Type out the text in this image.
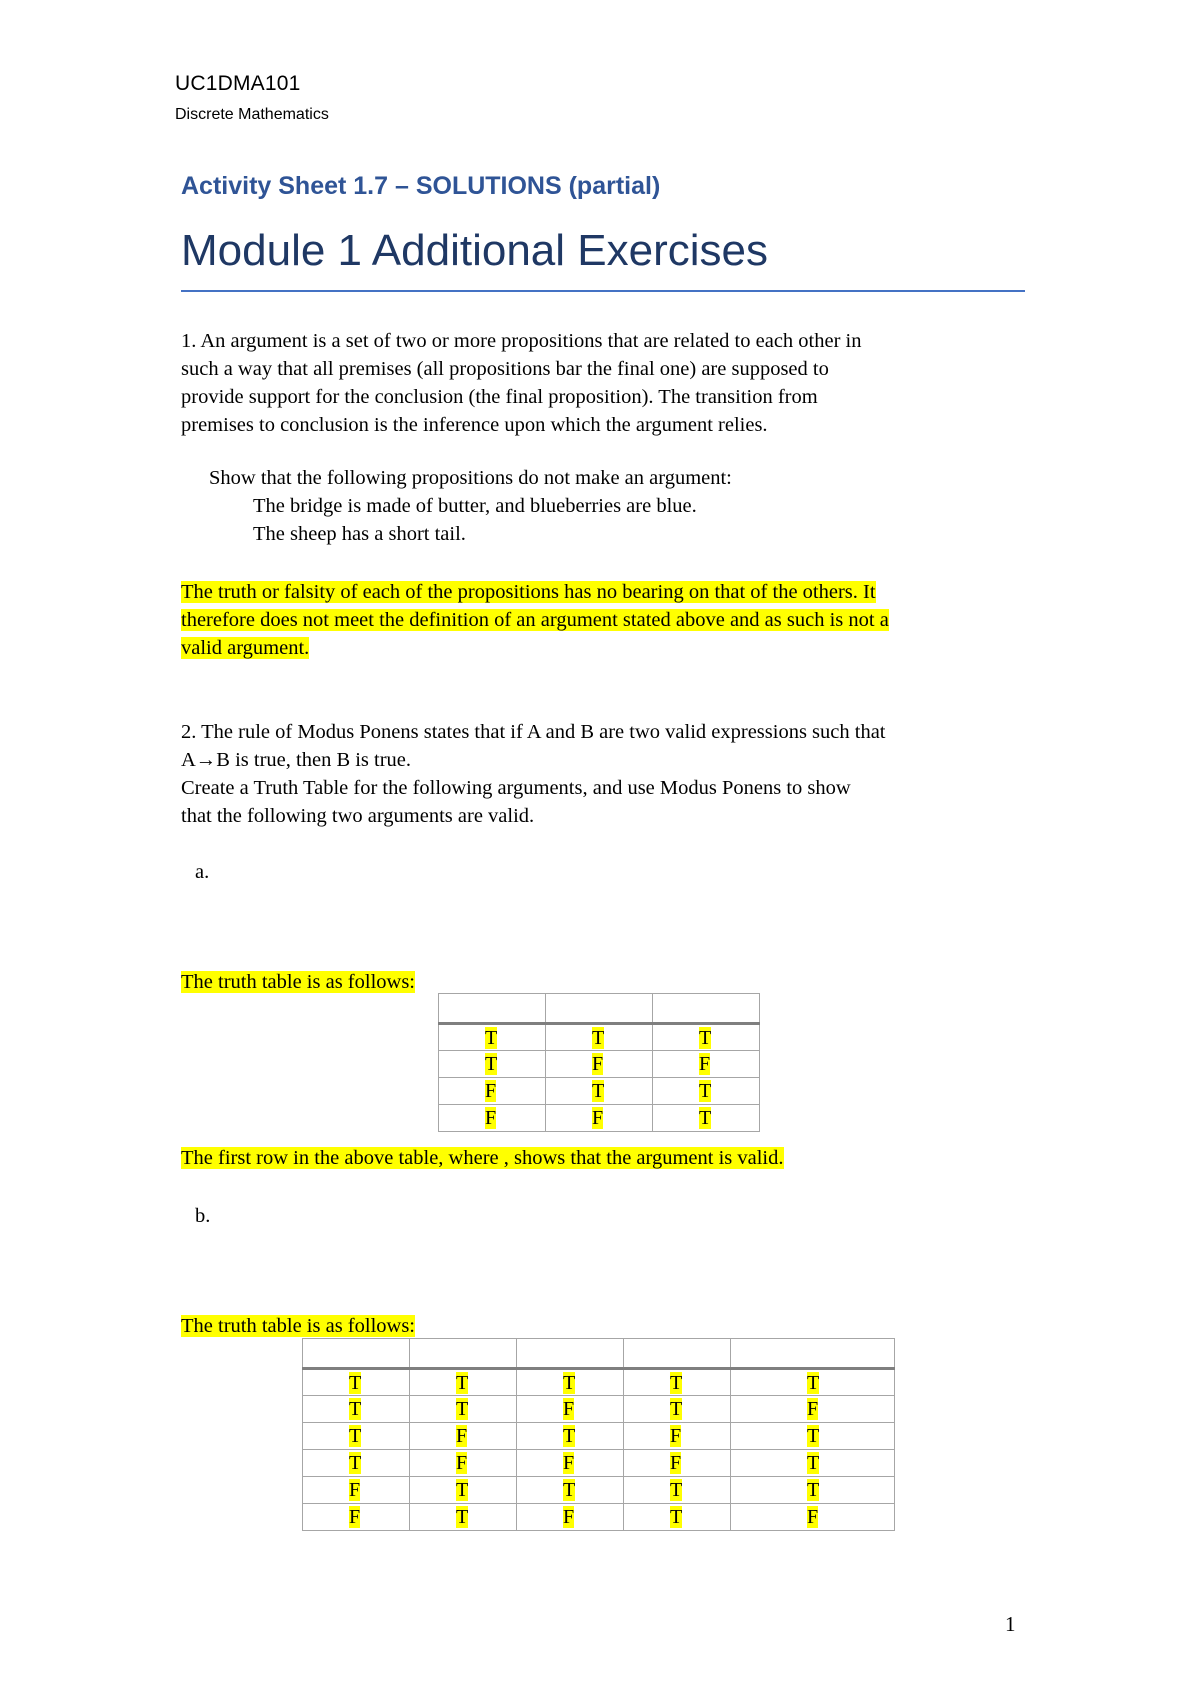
UC1DMA101
Discrete Mathematics
Activity Sheet 1.7 – SOLUTIONS (partial)
Module 1 Additional Exercises
1. An argument is a set of two or more propositions that are related to each other in
such a way that all premises (all propositions bar the final one) are supposed to
provide support for the conclusion (the final proposition). The transition from
premises to conclusion is the inference upon which the argument relies.
Show that the following propositions do not make an argument:
The bridge is made of butter, and blueberries are blue.
The sheep has a short tail.
The truth or falsity of each of the propositions has no bearing on that of the others. It
therefore does not meet the definition of an argument stated above and as such is not a
valid argument.
2. The rule of Modus Ponens states that if A and B are two valid expressions such that
A→B is true, then B is true.
Create a Truth Table for the following arguments, and use Modus Ponens to show
that the following two arguments are valid.
a.
The truth table is as follows:

T	T	T
T	F	F
F	T	T
F	F	T
The first row in the above table, where , shows that the argument is valid.
b.
The truth table is as follows:

T	T	T	T	T
T	T	F	T	F
T	F	T	F	T
T	F	F	F	T
F	T	T	T	T
F	T	F	T	F
1
